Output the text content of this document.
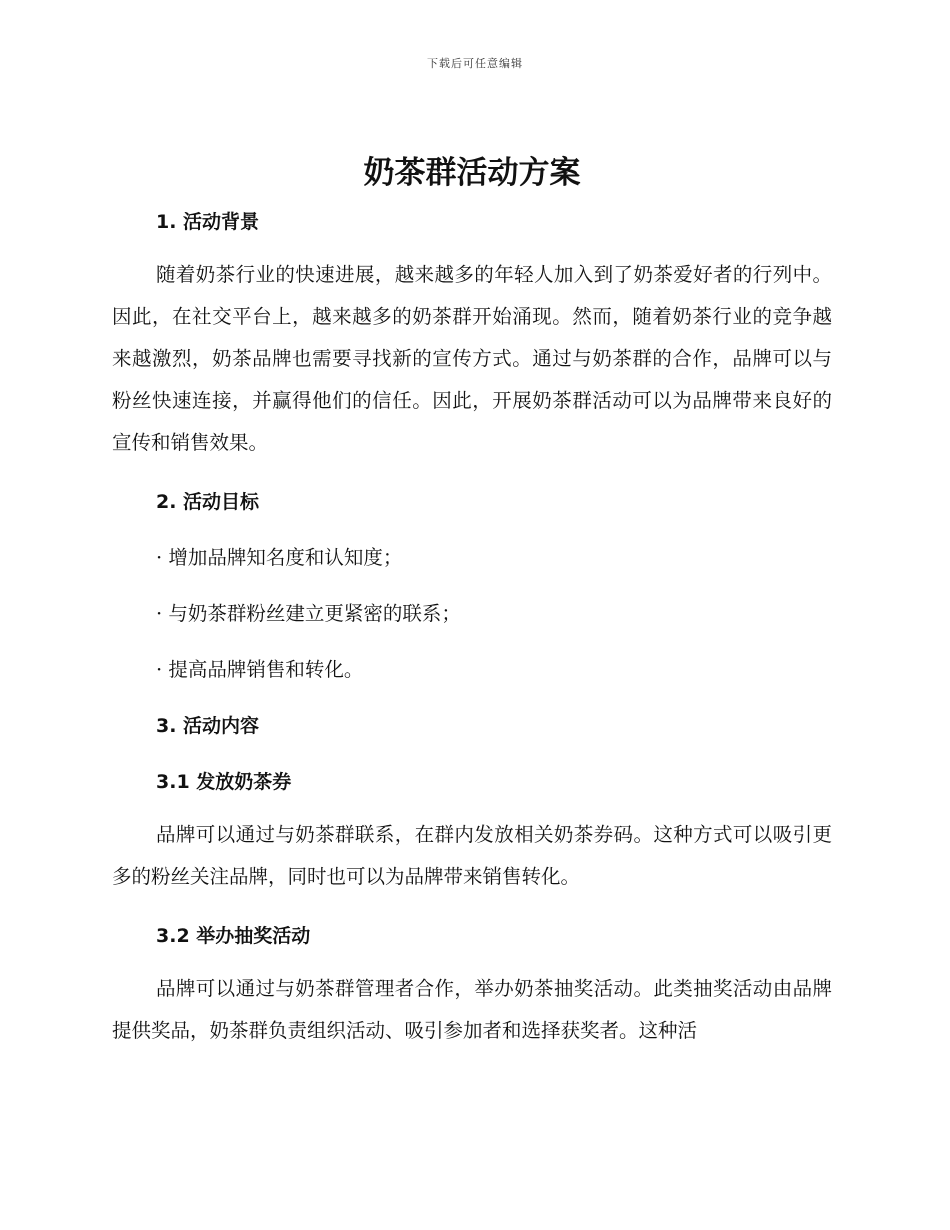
下载后可任意编辑
奶茶群活动方案
1. 活动背景

随着奶茶行业的快速进展，越来越多的年轻人加入到了奶茶爱好者的行列中。因此，在社交平台上，越来越多的奶茶群开始涌现。然而，随着奶茶行业的竞争越来越激烈，奶茶品牌也需要寻找新的宣传方式。通过与奶茶群的合作，品牌可以与粉丝快速连接，并赢得他们的信任。因此，开展奶茶群活动可以为品牌带来良好的宣传和销售效果。

2. 活动目标
· 增加品牌知名度和认知度；
· 与奶茶群粉丝建立更紧密的联系；
· 提高品牌销售和转化。
3. 活动内容
3.1 发放奶茶券

品牌可以通过与奶茶群联系，在群内发放相关奶茶券码。这种方式可以吸引更多的粉丝关注品牌，同时也可以为品牌带来销售转化。

3.2 举办抽奖活动

品牌可以通过与奶茶群管理者合作，举办奶茶抽奖活动。此类抽奖活动由品牌提供奖品，奶茶群负责组织活动、吸引参加者和选择获奖者。这种活
